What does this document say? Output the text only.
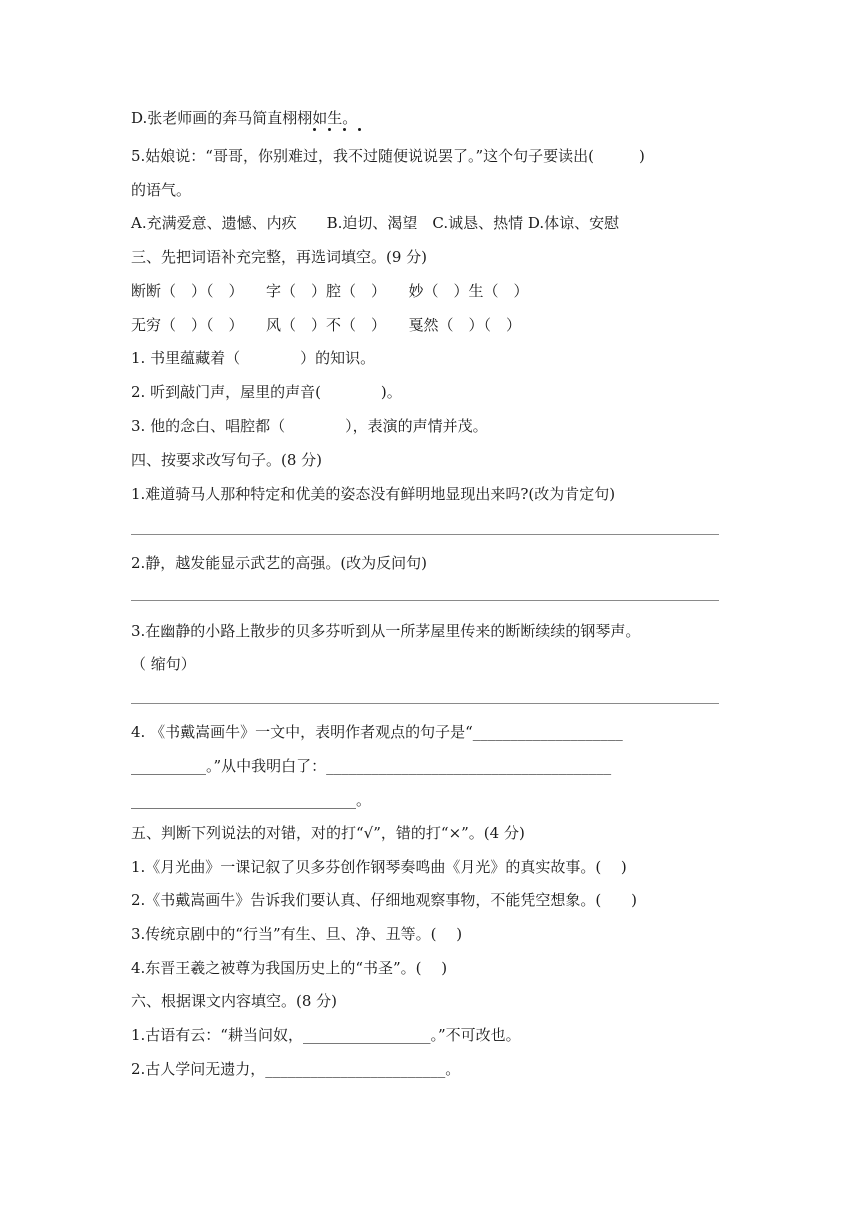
D.张老师画的奔马简直栩栩如生。
5.姑娘说：“哥哥，你别难过，我不过随便说说罢了。”这个句子要读出(　　　)
的语气。
A.充满爱意、遗憾、内疚　　B.迫切、渴望　C.诚恳、热情 D.体谅、安慰
三、先把词语补充完整，再选词填空。(9 分)
断断（　）（　）　　字（　）腔（　）　　妙（　）生（　）
无穷（　）（　）　　风（　）不（　）　　戛然（　）（　）
1. 书里蕴藏着（　　　　）的知识。
2. 听到敲门声，屋里的声音(　　　　)。
3. 他的念白、唱腔都（　　　　），表演的声情并茂。
四、按要求改写句子。(8 分)
1.难道骑马人那种特定和优美的姿态没有鲜明地显现出来吗?(改为肯定句)
2.静，越发能显示武艺的高强。(改为反问句)
3.在幽静的小路上散步的贝多芬听到从一所茅屋里传来的断断续续的钢琴声。
（ 缩句）
4. 《书戴嵩画牛》一文中，表明作者观点的句子是“____________________
__________。”从中我明白了：______________________________________
______________________________。
五、判断下列说法的对错，对的打“√”，错的打“×”。(4 分)
1.《月光曲》一课记叙了贝多芬创作钢琴奏鸣曲《月光》的真实故事。(　 )
2.《书戴嵩画牛》告诉我们要认真、仔细地观察事物，不能凭空想象。(　　)
3.传统京剧中的“行当”有生、旦、净、丑等。(　 )
4.东晋王羲之被尊为我国历史上的“书圣”。(　 )
六、根据课文内容填空。(8 分)
1.古语有云：“耕当问奴，_________________。”不可改也。
2.古人学问无遗力，________________________。
